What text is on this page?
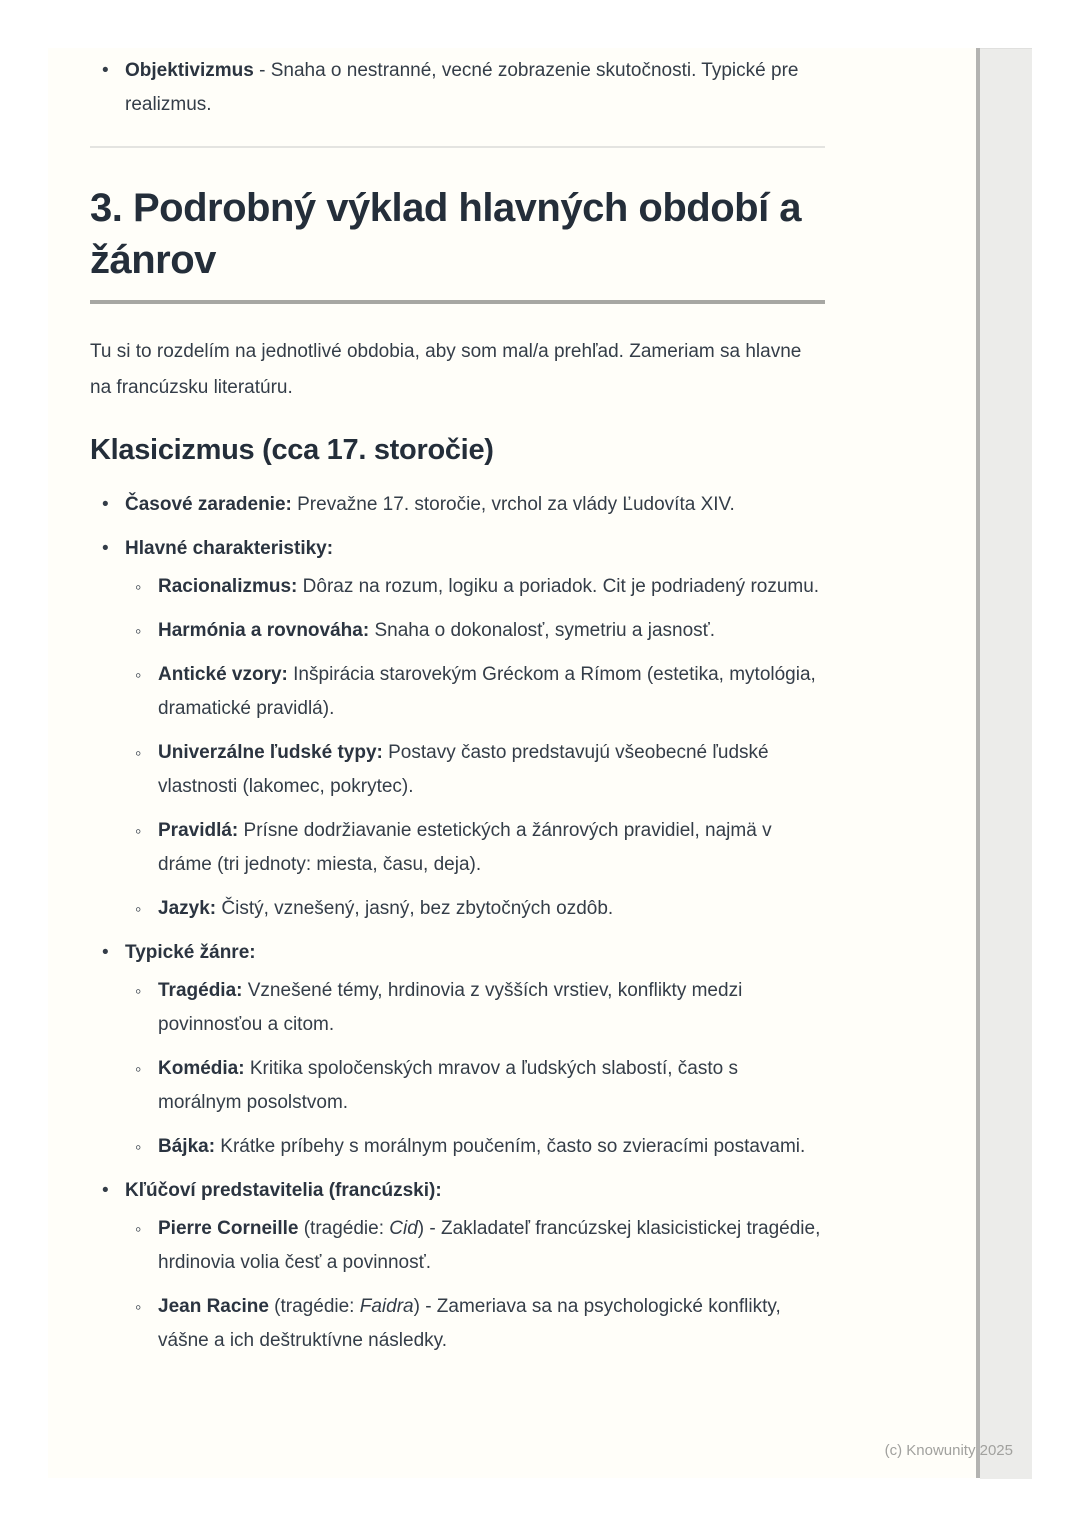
• Objektivizmus - Snaha o nestranné, vecné zobrazenie skutočnosti. Typické pre realizmus.
3. Podrobný výklad hlavných období a žánrov

Tu si to rozdelím na jednotlivé obdobia, aby som mal/a prehľad. Zameriam sa hlavne na francúzsku literatúru.

Klasicizmus (cca 17. storočie)
• Časové zaradenie: Prevažne 17. storočie, vrchol za vlády Ľudovíta XIV.
• Hlavné charakteristiky:
◦ Racionalizmus: Dôraz na rozum, logiku a poriadok. Cit je podriadený rozumu.
◦ Harmónia a rovnováha: Snaha o dokonalosť, symetriu a jasnosť.
◦ Antické vzory: Inšpirácia starovekým Gréckom a Rímom (estetika, mytológia, dramatické pravidlá).
◦ Univerzálne ľudské typy: Postavy často predstavujú všeobecné ľudské vlastnosti (lakomec, pokrytec).
◦ Pravidlá: Prísne dodržiavanie estetických a žánrových pravidiel, najmä v dráme (tri jednoty: miesta, času, deja).
◦ Jazyk: Čistý, vznešený, jasný, bez zbytočných ozdôb.
• Typické žánre:
◦ Tragédia: Vznešené témy, hrdinovia z vyšších vrstiev, konflikty medzi povinnosťou a citom.
◦ Komédia: Kritika spoločenských mravov a ľudských slabostí, často s morálnym posolstvom.
◦ Bájka: Krátke príbehy s morálnym poučením, často so zvieracími postavami.
• Kľúčoví predstavitelia (francúzski):
◦ Pierre Corneille (tragédie: Cid) - Zakladateľ francúzskej klasicistickej tragédie, hrdinovia volia česť a povinnosť.
◦ Jean Racine (tragédie: Faidra) - Zameriava sa na psychologické konflikty, vášne a ich deštruktívne následky.
(c) Knowunity 2025
